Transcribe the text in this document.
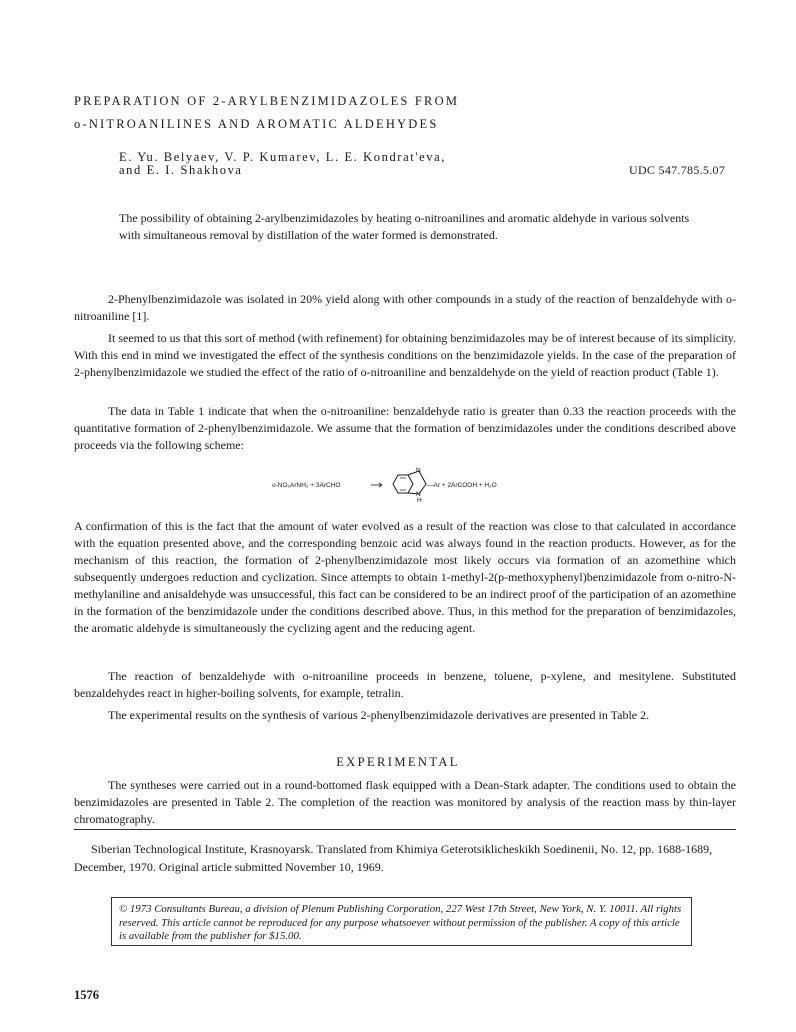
PREPARATION OF 2-ARYLBENZIMIDAZOLES FROM
o-NITROANILINES AND AROMATIC ALDEHYDES
E. Yu. Belyaev, V. P. Kumarev, L. E. Kondrat'eva,
and E. I. Shakhova	UDC 547.785.5.07
The possibility of obtaining 2-arylbenzimidazoles by heating o-nitroanilines and aromatic aldehyde in various solvents with simultaneous removal by distillation of the water formed is demonstrated.
2-Phenylbenzimidazole was isolated in 20% yield along with other compounds in a study of the reaction of benzaldehyde with o-nitroaniline [1].
It seemed to us that this sort of method (with refinement) for obtaining benzimidazoles may be of interest because of its simplicity. With this end in mind we investigated the effect of the synthesis conditions on the benzimidazole yields. In the case of the preparation of 2-phenylbenzimidazole we studied the effect of the ratio of o-nitroaniline and benzaldehyde on the yield of reaction product (Table 1).
The data in Table 1 indicate that when the o-nitroaniline: benzaldehyde ratio is greater than 0.33 the reaction proceeds with the quantitative formation of 2-phenylbenzimidazole. We assume that the formation of benzimidazoles under the conditions described above proceeds via the following scheme:
o-NO₂ArNH₂ + 3ArCHO
N
N
H
—Ar + 2ArCOOH + H₂O
A confirmation of this is the fact that the amount of water evolved as a result of the reaction was close to that calculated in accordance with the equation presented above, and the corresponding benzoic acid was always found in the reaction products. However, as for the mechanism of this reaction, the formation of 2-phenylbenzimidazole most likely occurs via formation of an azomethine which subsequently undergoes reduction and cyclization. Since attempts to obtain 1-methyl-2(p-methoxyphenyl)benzimidazole from o-nitro-N-methylaniline and anisaldehyde was unsuccessful, this fact can be considered to be an indirect proof of the participation of an azomethine in the formation of the benzimidazole under the conditions described above. Thus, in this method for the preparation of benzimidazoles, the aromatic aldehyde is simultaneously the cyclizing agent and the reducing agent.
The reaction of benzaldehyde with o-nitroaniline proceeds in benzene, toluene, p-xylene, and mesitylene. Substituted benzaldehydes react in higher-boiling solvents, for example, tetralin.
The experimental results on the synthesis of various 2-phenylbenzimidazole derivatives are presented in Table 2.
EXPERIMENTAL
The syntheses were carried out in a round-bottomed flask equipped with a Dean-Stark adapter. The conditions used to obtain the benzimidazoles are presented in Table 2. The completion of the reaction was monitored by analysis of the reaction mass by thin-layer chromatography.
Siberian Technological Institute, Krasnoyarsk. Translated from Khimiya Geterotsiklicheskikh Soedinenii, No. 12, pp. 1688-1689, December, 1970. Original article submitted November 10, 1969.
© 1973 Consultants Bureau, a division of Plenum Publishing Corporation, 227 West 17th Street, New York, N. Y. 10011. All rights reserved. This article cannot be reproduced for any purpose whatsoever without permission of the publisher. A copy of this article is available from the publisher for $15.00.
1576
